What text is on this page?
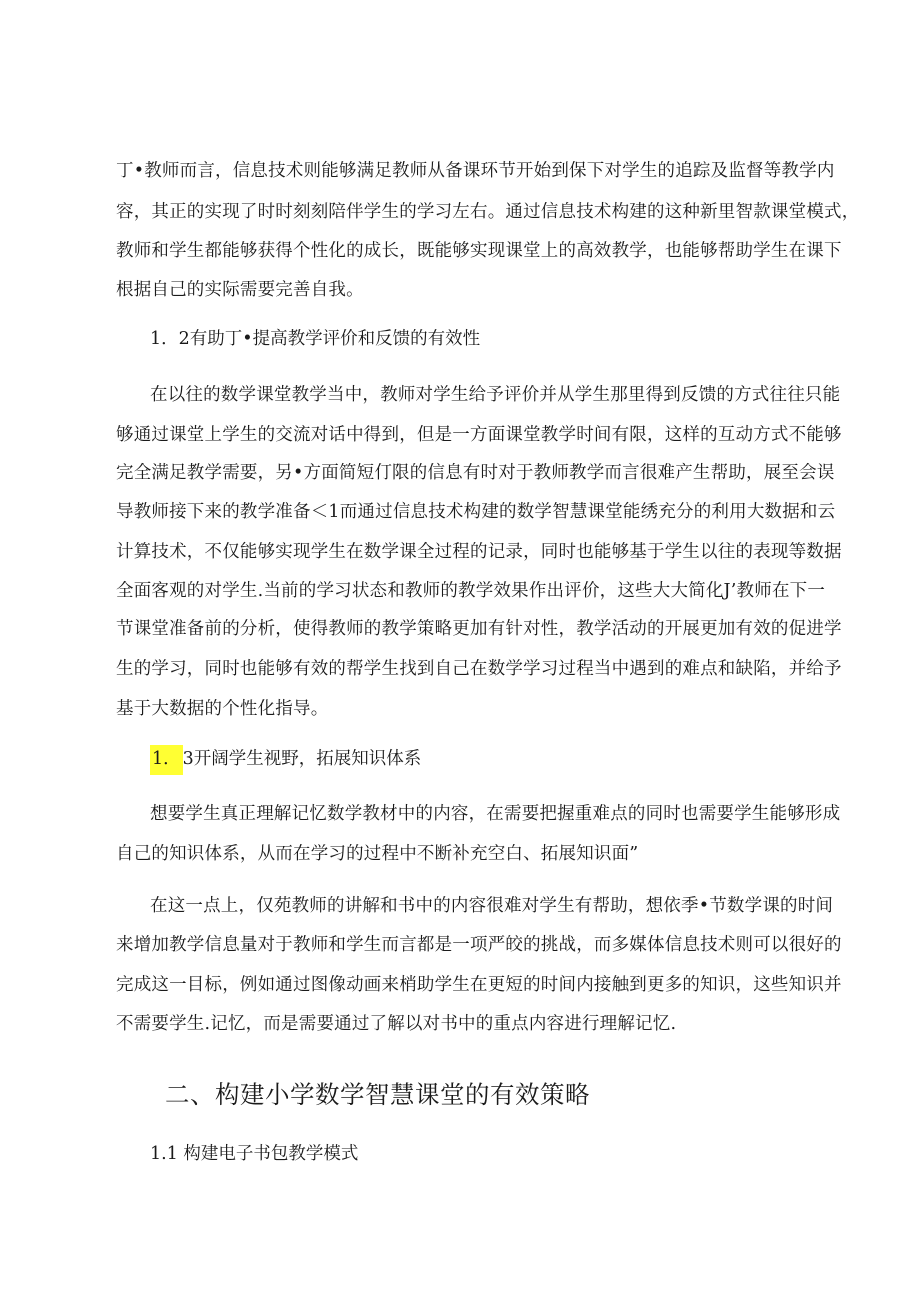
丁•教师而言，信息技术则能够满足教师从备课环节开始到保下对学生的追踪及监督等教学内
容，其正的实现了时时刻刻陪伴学生的学习左右。通过信息技术构建的这种新里智款课堂模式，
教师和学生都能够获得个性化的成长，既能够实现课堂上的高效教学，也能够帮助学生在课下
根据自己的实际需要完善自我。
1．2有助丁•提高教学评价和反馈的有效性
在以往的数学课堂教学当中，教师对学生给予评价并从学生那里得到反馈的方式往往只能
够通过课堂上学生的交流对话中得到，但是一方面课堂教学时间有限，这样的互动方式不能够
完全满足教学需要，另•方面简短仃限的信息有时对于教师教学而言很难产生帮助，展至会误
导教师接下来的教学准备＜1而通过信息技术构建的数学智慧课堂能绣充分的利用大数据和云
计算技术，不仅能够实现学生在数学课全过程的记录，同时也能够基于学生以往的表现等数据
全面客观的对学生.当前的学习状态和教师的教学效果作出评价，这些大大简化J’教师在下一
节课堂准备前的分析，使得教师的教学策略更加有针对性，教学活动的开展更加有效的促进学
生的学习，同时也能够有效的帮学生找到自己在数学学习过程当中遇到的难点和缺陷，并给予
基于大数据的个性化指导。
1． 3开阔学生视野，拓展知识体系
想要学生真正理解记忆数学教材中的内容，在需要把握重难点的同时也需要学生能够形成
自己的知识体系，从而在学习的过程中不断补充空白、拓展知识面”
在这一点上，仅苑教师的讲解和书中的内容很难对学生有帮助，想依季•节数学课的时间
来增加教学信息量对于教师和学生而言都是一项严皎的挑战，而多媒体信息技术则可以很好的
完成这一目标，例如通过图像动画来梢助学生在更短的时间内接触到更多的知识，这些知识并
不需要学生.记忆，而是需要通过了解以对书中的重点内容进行理解记忆.
二、构建小学数学智慧课堂的有效策略
1.1 构建电子书包教学模式
